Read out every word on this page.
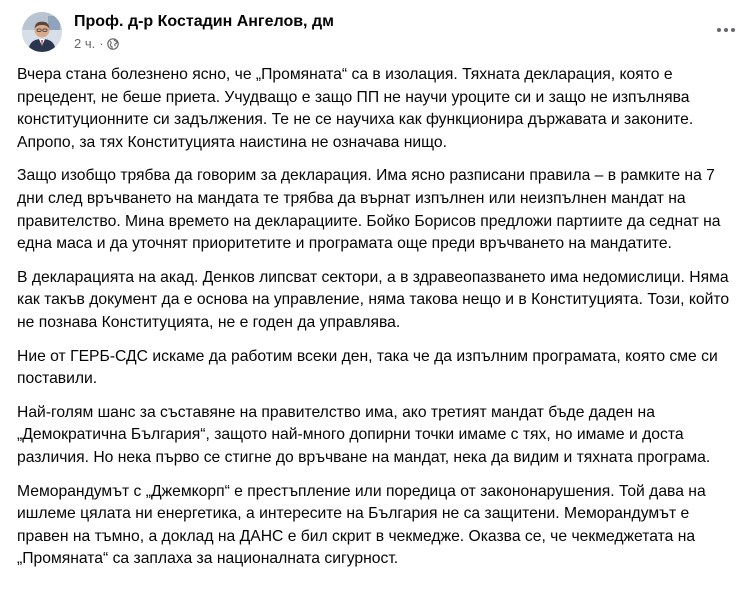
Проф. д-р Костадин Ангелов, дм
2 ч. ·

Вчера стана болезнено ясно, че „Промяната“ са в изолация. Тяхната декларация, която е прецедент, не беше приета. Учудващо е защо ПП не научи уроците си и защо не изпълнява конституционните си задължения. Те не се научиха как функционира държавата и законите. Апропо, за тях Конституцията наистина не означава нищо.

Защо изобщо трябва да говорим за декларация. Има ясно разписани правила – в рамките на 7 дни след връчването на мандата те трябва да върнат изпълнен или неизпълнен мандат на правителство. Мина времето на декларациите. Бойко Борисов предложи партиите да седнат на една маса и да уточнят приоритетите и програмата още преди връчването на мандатите.

В декларацията на акад. Денков липсват сектори, а в здравеопазването има недомислици. Няма как такъв документ да е основа на управление, няма такова нещо и в Конституцията. Този, който не познава Конституцията, не е годен да управлява.

Ние от ГЕРБ-СДС искаме да работим всеки ден, така че да изпълним програмата, която сме си поставили.

Най-голям шанс за съставяне на правителство има, ако третият мандат бъде даден на „Демократична България“, защото най-много допирни точки имаме с тях, но имаме и доста различия. Но нека първо се стигне до връчване на мандат, нека да видим и тяхната програма.

Меморандумът с „Джемкорп“ е престъпление или поредица от закононарушения. Той дава на ишлеме цялата ни енергетика, а интересите на България не са защитени. Меморандумът е правен на тъмно, а доклад на ДАНС е бил скрит в чекмедже. Оказва се, че чекмеджетата на „Промяната“ са заплаха за националната сигурност.
